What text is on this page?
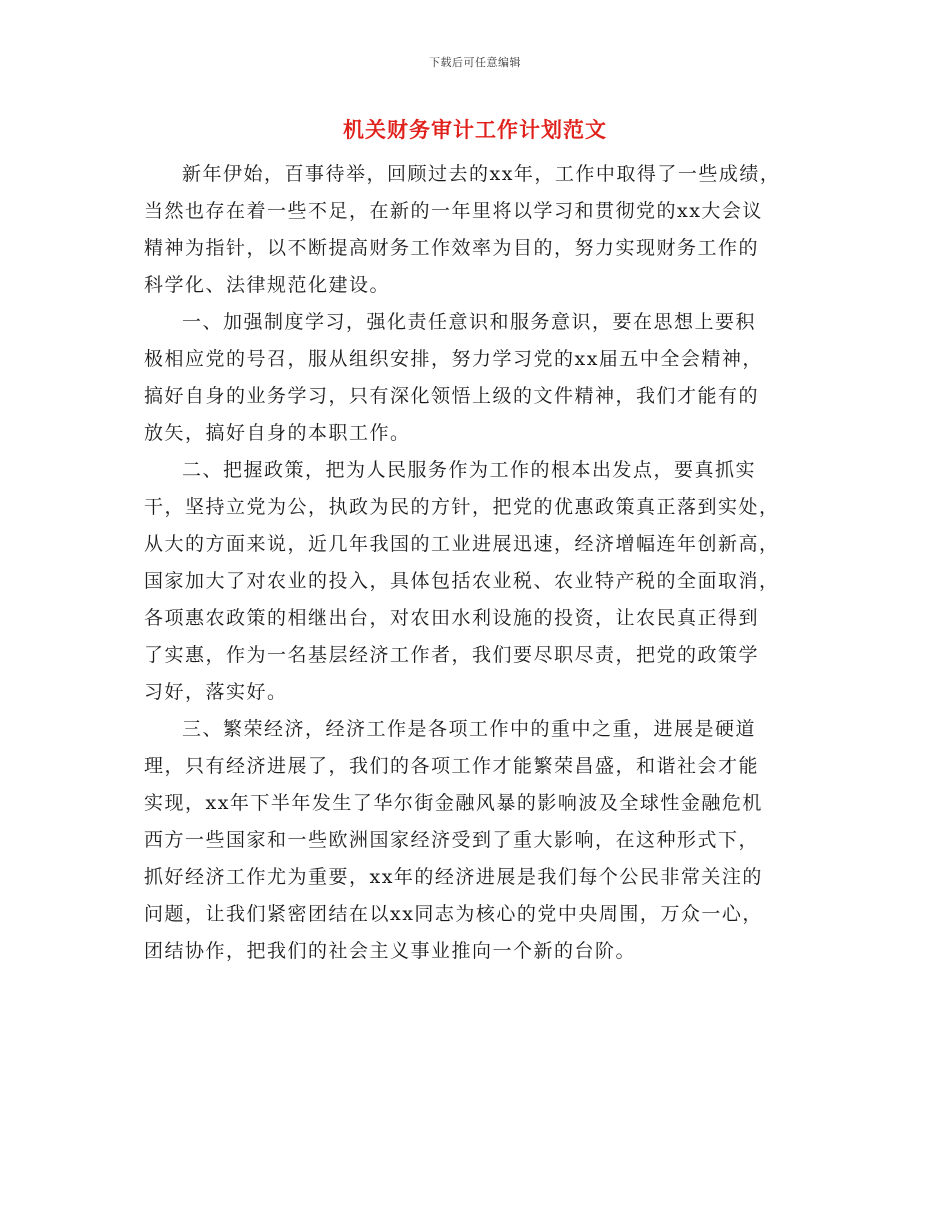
下载后可任意编辑
机关财务审计工作计划范文

新年伊始，百事待举，回顾过去的xx年，工作中取得了一些成绩，
当然也存在着一些不足，在新的一年里将以学习和贯彻党的xx大会议
精神为指针，以不断提高财务工作效率为目的，努力实现财务工作的
科学化、法律规范化建设。

一、加强制度学习，强化责任意识和服务意识，要在思想上要积
极相应党的号召，服从组织安排，努力学习党的xx届五中全会精神，
搞好自身的业务学习，只有深化领悟上级的文件精神，我们才能有的
放矢，搞好自身的本职工作。

二、把握政策，把为人民服务作为工作的根本出发点，要真抓实
干，坚持立党为公，执政为民的方针，把党的优惠政策真正落到实处，
从大的方面来说，近几年我国的工业进展迅速，经济增幅连年创新高，
国家加大了对农业的投入，具体包括农业税、农业特产税的全面取消，
各项惠农政策的相继出台，对农田水利设施的投资，让农民真正得到
了实惠，作为一名基层经济工作者，我们要尽职尽责，把党的政策学
习好，落实好。

三、繁荣经济，经济工作是各项工作中的重中之重，进展是硬道
理，只有经济进展了，我们的各项工作才能繁荣昌盛，和谐社会才能
实现，xx年下半年发生了华尔街金融风暴的影响波及全球性金融危机
西方一些国家和一些欧洲国家经济受到了重大影响，在这种形式下，
抓好经济工作尤为重要，xx年的经济进展是我们每个公民非常关注的
问题，让我们紧密团结在以xx同志为核心的党中央周围，万众一心，
团结协作，把我们的社会主义事业推向一个新的台阶。
